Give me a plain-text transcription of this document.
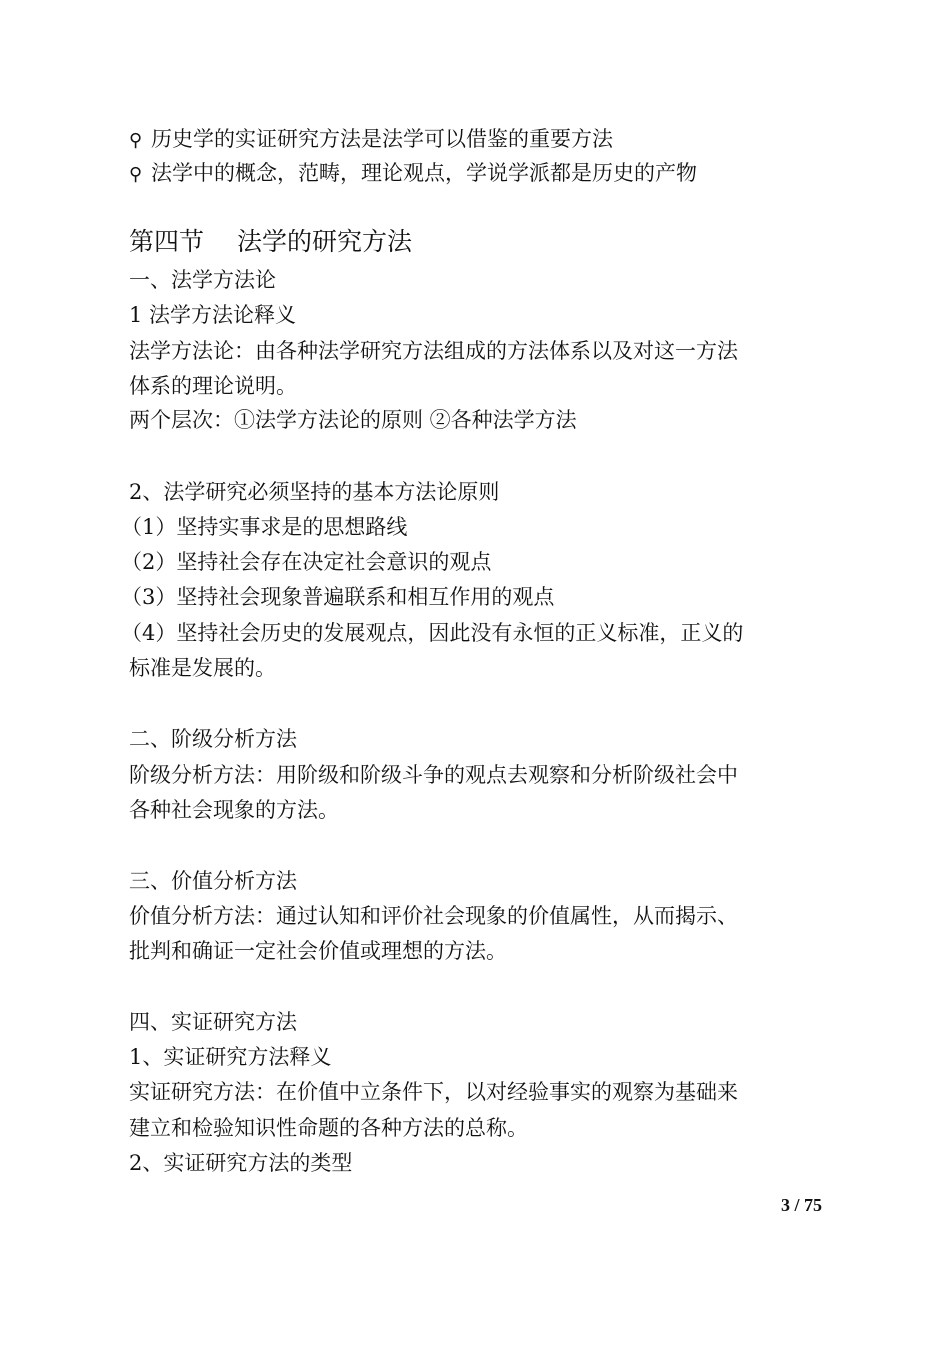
⚲ 历史学的实证研究方法是法学可以借鉴的重要方法
⚲ 法学中的概念，范畴，理论观点，学说学派都是历史的产物
第四节　 法学的研究方法
一、法学方法论
1 法学方法论释义
法学方法论：由各种法学研究方法组成的方法体系以及对这一方法
体系的理论说明。
两个层次：①法学方法论的原则 ②各种法学方法
2、法学研究必须坚持的基本方法论原则
（1）坚持实事求是的思想路线
（2）坚持社会存在决定社会意识的观点
（3）坚持社会现象普遍联系和相互作用的观点
（4）坚持社会历史的发展观点，因此没有永恒的正义标准，正义的
标准是发展的。
二、阶级分析方法
阶级分析方法：用阶级和阶级斗争的观点去观察和分析阶级社会中
各种社会现象的方法。
三、价值分析方法
价值分析方法：通过认知和评价社会现象的价值属性，从而揭示、
批判和确证一定社会价值或理想的方法。
四、实证研究方法
1、实证研究方法释义
实证研究方法：在价值中立条件下，以对经验事实的观察为基础来
建立和检验知识性命题的各种方法的总称。
2、实证研究方法的类型
3 / 75
